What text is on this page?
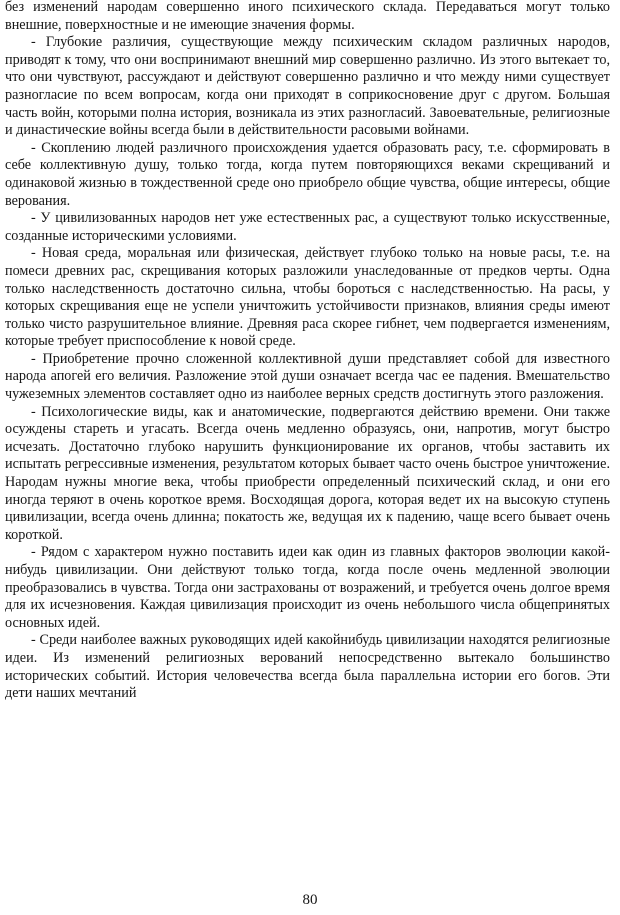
без изменений народам совершенно иного психического склада. Передаваться могут только внешние, поверхностные и не имеющие значения формы.

- Глубокие различия, существующие между психическим складом различных народов, приводят к тому, что они воспринимают внешний мир совершенно различно. Из этого вытекает то, что они чувствуют, рассуждают и действуют совершенно различно и что между ними существует разногласие по всем вопросам, когда они приходят в соприкосновение друг с другом. Большая часть войн, которыми полна история, возникала из этих разногласий. Завоевательные, религиозные и династические войны всегда были в действительности расовыми войнами.

- Скоплению людей различного происхождения удается образовать расу, т.е. сформировать в себе коллективную душу, только тогда, когда путем повторяющихся веками скрещиваний и одинаковой жизнью в тождественной среде оно приобрело общие чувства, общие интересы, общие верования.

- У цивилизованных народов нет уже естественных рас, а существуют только искусственные, созданные историческими условиями.

- Новая среда, моральная или физическая, действует глубоко только на новые расы, т.е. на помеси древних рас, скрещивания которых разложили унаследованные от предков черты. Одна только наследственность достаточно сильна, чтобы бороться с наследственностью. На расы, у которых скрещивания еще не успели уничтожить устойчивости признаков, влияния среды имеют только чисто разрушительное влияние. Древняя раса скорее гибнет, чем подвергается изменениям, которые требует приспособление к новой среде.

- Приобретение прочно сложенной коллективной души представляет собой для известного народа апогей его величия. Разложение этой души означает всегда час ее падения. Вмешательство чужеземных элементов составляет одно из наиболее верных средств достигнуть этого разложения.

- Психологические виды, как и анатомические, подвергаются действию времени. Они также осуждены стареть и угасать. Всегда очень медленно образуясь, они, напротив, могут быстро исчезать. Достаточно глубоко нарушить функционирование их органов, чтобы заставить их испытать регрессивные изменения, результатом которых бывает часто очень быстрое уничтожение. Народам нужны многие века, чтобы приобрести определенный психический склад, и они его иногда теряют в очень короткое время. Восходящая дорога, которая ведет их на высокую ступень цивилизации, всегда очень длинна; покатость же, ведущая их к падению, чаще всего бывает очень короткой.

- Рядом с характером нужно поставить идеи как один из главных факторов эволюции какой-нибудь цивилизации. Они действуют только тогда, когда после очень медленной эволюции преобразовались в чувства. Тогда они застрахованы от возражений, и требуется очень долгое время для их исчезновения. Каждая цивилизация происходит из очень небольшого числа общепринятых основных идей.

- Среди наиболее важных руководящих идей какойнибудь цивилизации находятся религиозные идеи. Из изменений религиозных верований непосредственно вытекало большинство исторических событий. История человечества всегда была параллельна истории его богов. Эти дети наших мечтаний

80
